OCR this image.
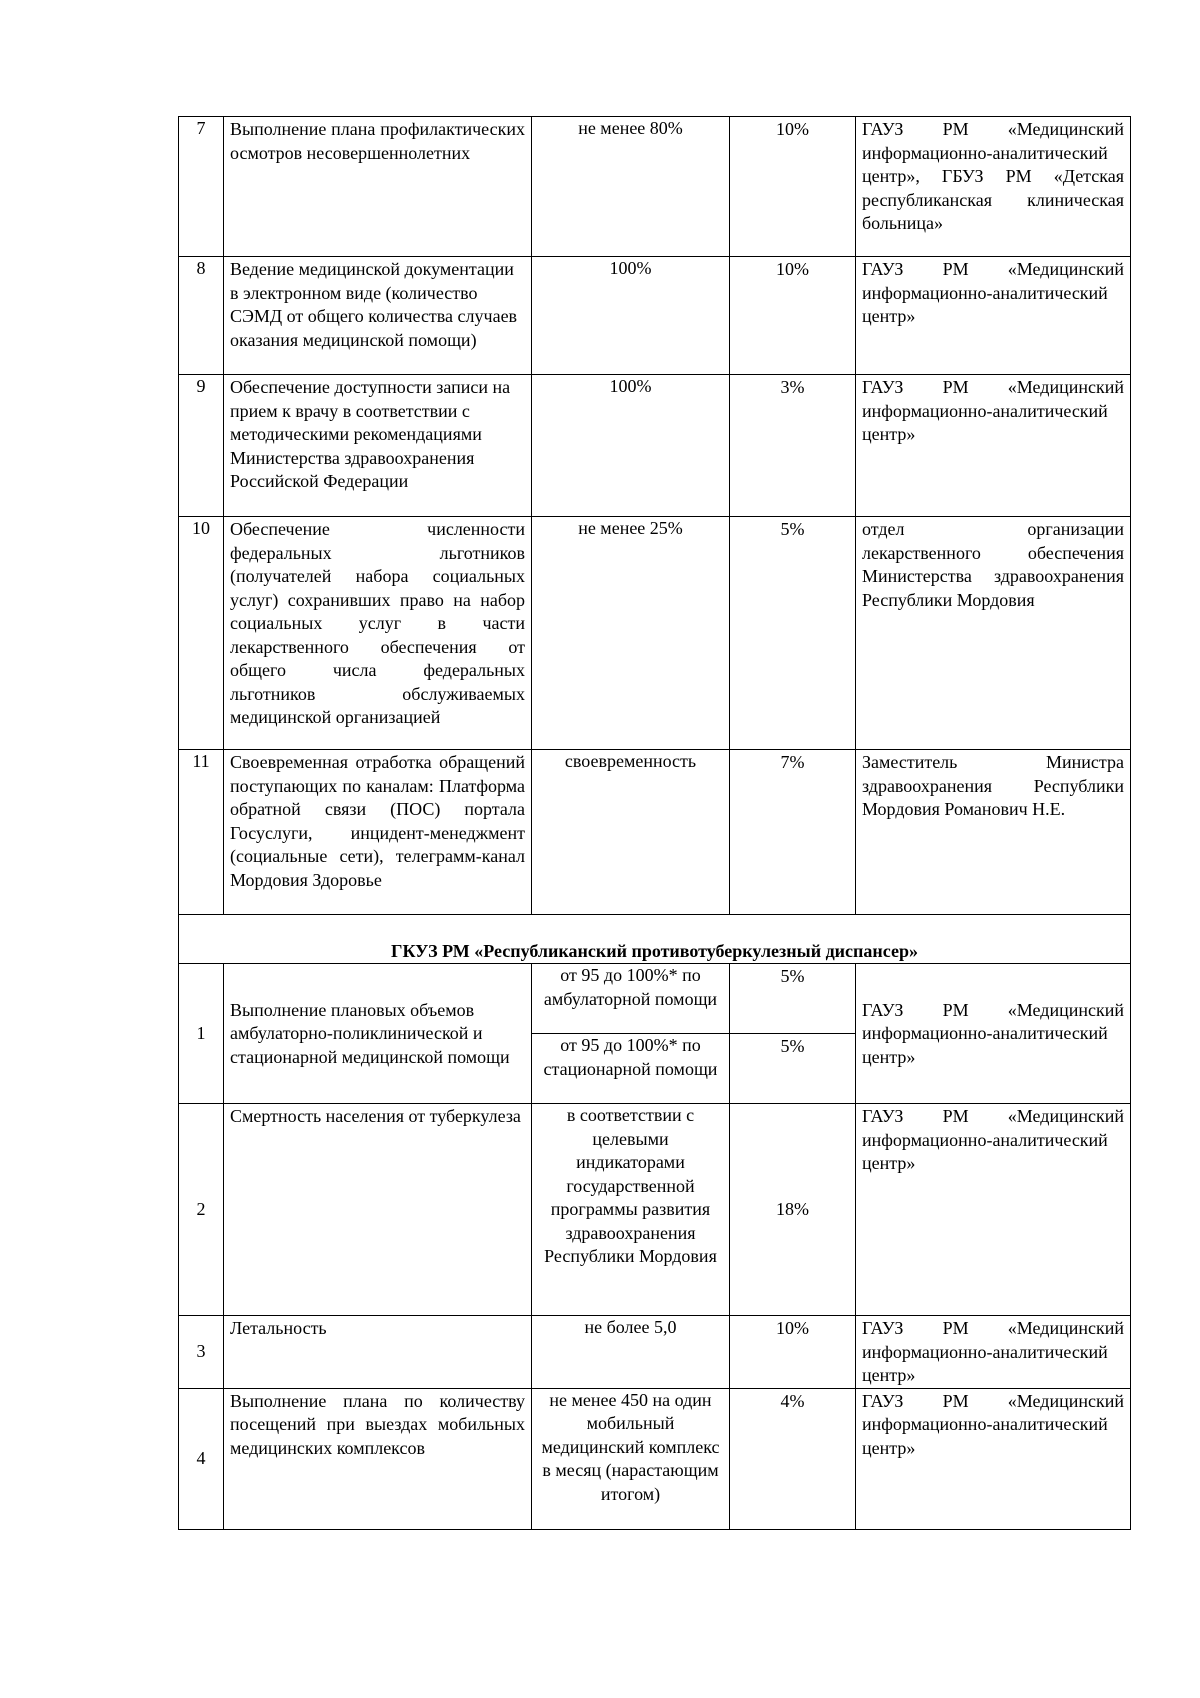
7	Выполнение плана профилактических осмотров несовершеннолетних	не менее 80%	10%	ГАУЗ РМ «Медицинский информационно-аналитический центр», ГБУЗ РМ «Детская республиканская клиническая больница»
8	Ведение медицинской документации в электронном виде (количество СЭМД от общего количества случаев оказания медицинской помощи)	100%	10%	ГАУЗ РМ «Медицинский информационно-аналитический центр»
9	Обеспечение доступности записи на прием к врачу в соответствии с методическими рекомендациями Министерства здравоохранения Российской Федерации	100%	3%	ГАУЗ РМ «Медицинский информационно-аналитический центр»
10	Обеспечение численности федеральных льготников (получателей набора социальных услуг) сохранивших право на набор социальных услуг в части лекарственного обеспечения от общего числа федеральных льготников обслуживаемых медицинской организацией	не менее 25%	5%	отдел организации лекарственного обеспечения Министерства здравоохранения Республики Мордовия
11	Своевременная отработка обращений поступающих по каналам: Платформа обратной связи (ПОС) портала Госуслуги, инцидент-менеджмент (социальные сети), телеграмм-канал Мордовия Здоровье	своевременность	7%	Заместитель Министра здравоохранения Республики Мордовия Романович Н.Е.
ГКУЗ РМ «Республиканский противотуберкулезный диспансер»				
1	Выполнение плановых объемов амбулаторно-поликлинической и стационарной медицинской помощи	от 95 до 100%* по амбулаторной помощи	5%	ГАУЗ РМ «Медицинский информационно-аналитический центр»
		от 95 до 100%* по стационарной помощи	5%	
2	Смертность населения от туберкулеза	в соответствии с целевыми индикаторами государственной программы развития здравоохранения Республики Мордовия	18%	ГАУЗ РМ «Медицинский информационно-аналитический центр»
3	Летальность	не более 5,0	10%	ГАУЗ РМ «Медицинский информационно-аналитический центр»
4	Выполнение плана по количеству посещений при выездах мобильных медицинских комплексов	не менее 450 на один мобильный медицинский комплекс в месяц (нарастающим итогом)	4%	ГАУЗ РМ «Медицинский информационно-аналитический центр»
